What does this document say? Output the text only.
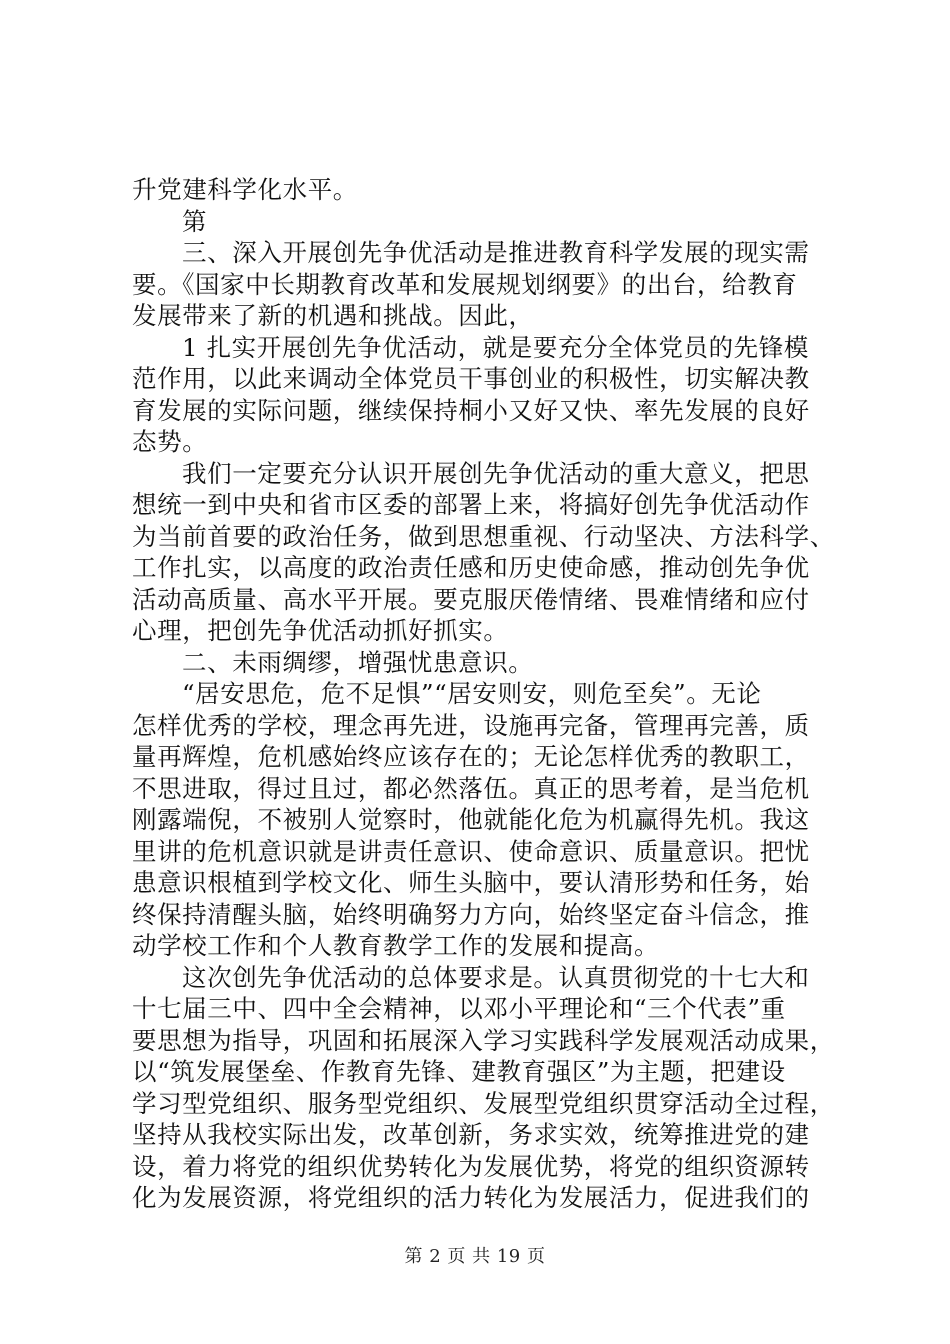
升党建科学化水平。
第
三、深入开展创先争优活动是推进教育科学发展的现实需
要。《国家中长期教育改革和发展规划纲要》的出台，给教育
发展带来了新的机遇和挑战。因此，
1 扎实开展创先争优活动，就是要充分全体党员的先锋模
范作用，以此来调动全体党员干事创业的积极性，切实解决教
育发展的实际问题，继续保持桐小又好又快、率先发展的良好
态势。
我们一定要充分认识开展创先争优活动的重大意义，把思
想统一到中央和省市区委的部署上来，将搞好创先争优活动作
为当前首要的政治任务，做到思想重视、行动坚决、方法科学、
工作扎实，以高度的政治责任感和历史使命感，推动创先争优
活动高质量、高水平开展。要克服厌倦情绪、畏难情绪和应付
心理，把创先争优活动抓好抓实。
二、未雨绸缪，增强忧患意识。
“居安思危，危不足惧”“居安则安，则危至矣”。无论
怎样优秀的学校，理念再先进，设施再完备，管理再完善，质
量再辉煌，危机感始终应该存在的；无论怎样优秀的教职工，
不思进取，得过且过，都必然落伍。真正的思考着，是当危机
刚露端倪，不被别人觉察时，他就能化危为机赢得先机。我这
里讲的危机意识就是讲责任意识、使命意识、质量意识。把忧
患意识根植到学校文化、师生头脑中，要认清形势和任务，始
终保持清醒头脑，始终明确努力方向，始终坚定奋斗信念，推
动学校工作和个人教育教学工作的发展和提高。
这次创先争优活动的总体要求是。认真贯彻党的十七大和
十七届三中、四中全会精神，以邓小平理论和“三个代表”重
要思想为指导，巩固和拓展深入学习实践科学发展观活动成果，
以“筑发展堡垒、作教育先锋、建教育强区”为主题，把建设
学习型党组织、服务型党组织、发展型党组织贯穿活动全过程，
坚持从我校实际出发，改革创新，务求实效，统筹推进党的建
设，着力将党的组织优势转化为发展优势，将党的组织资源转
化为发展资源，将党组织的活力转化为发展活力，促进我们的
第 2 页 共 19 页
